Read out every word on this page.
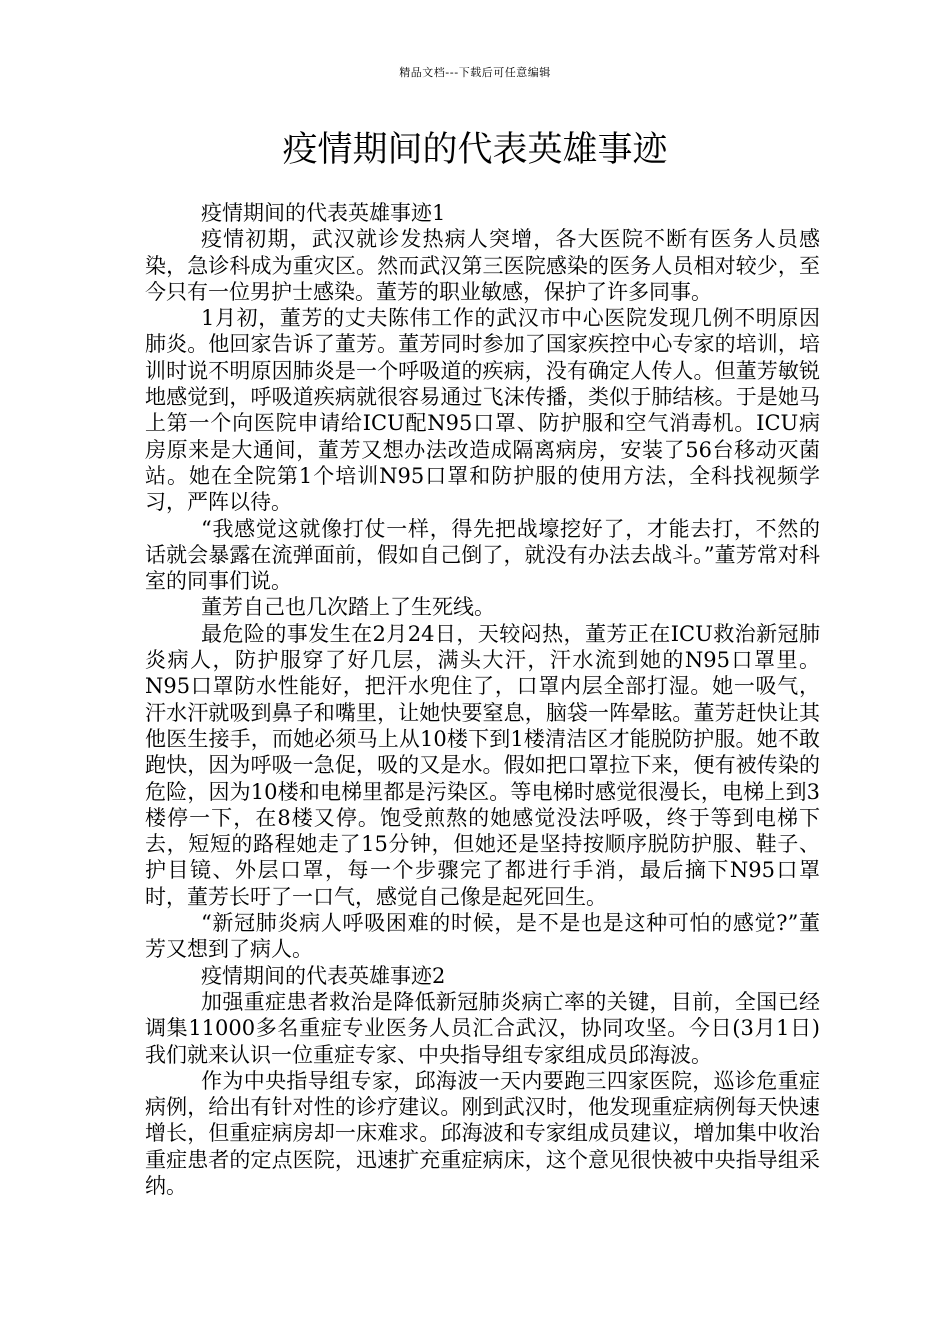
精品文档---下载后可任意编辑
疫情期间的代表英雄事迹

疫情期间的代表英雄事迹1

疫情初期，武汉就诊发热病人突增，各大医院不断有医务人员感染，急诊科成为重灾区。然而武汉第三医院感染的医务人员相对较少，至今只有一位男护士感染。董芳的职业敏感，保护了许多同事。

1月初，董芳的丈夫陈伟工作的武汉市中心医院发现几例不明原因肺炎。他回家告诉了董芳。董芳同时参加了国家疾控中心专家的培训，培训时说不明原因肺炎是一个呼吸道的疾病，没有确定人传人。但董芳敏锐地感觉到，呼吸道疾病就很容易通过飞沫传播，类似于肺结核。于是她马上第一个向医院申请给ICU配N95口罩、防护服和空气消毒机。ICU病房原来是大通间，董芳又想办法改造成隔离病房，安装了56台移动灭菌站。她在全院第1个培训N95口罩和防护服的使用方法，全科找视频学习，严阵以待。

“我感觉这就像打仗一样，得先把战壕挖好了，才能去打，不然的话就会暴露在流弹面前，假如自己倒了，就没有办法去战斗。”董芳常对科室的同事们说。

董芳自己也几次踏上了生死线。

最危险的事发生在2月24日，天较闷热，董芳正在ICU救治新冠肺炎病人，防护服穿了好几层，满头大汗，汗水流到她的N95口罩里。N95口罩防水性能好，把汗水兜住了，口罩内层全部打湿。她一吸气，汗水汗就吸到鼻子和嘴里，让她快要窒息，脑袋一阵晕眩。董芳赶快让其他医生接手，而她必须马上从10楼下到1楼清洁区才能脱防护服。她不敢跑快，因为呼吸一急促，吸的又是水。假如把口罩拉下来，便有被传染的危险，因为10楼和电梯里都是污染区。等电梯时感觉很漫长，电梯上到3楼停一下，在8楼又停。饱受煎熬的她感觉没法呼吸，终于等到电梯下去，短短的路程她走了15分钟，但她还是坚持按顺序脱防护服、鞋子、护目镜、外层口罩，每一个步骤完了都进行手消，最后摘下N95口罩时，董芳长吁了一口气，感觉自己像是起死回生。

“新冠肺炎病人呼吸困难的时候，是不是也是这种可怕的感觉?”董芳又想到了病人。

疫情期间的代表英雄事迹2

加强重症患者救治是降低新冠肺炎病亡率的关键，目前，全国已经调集11000多名重症专业医务人员汇合武汉，协同攻坚。今日(3月1日)我们就来认识一位重症专家、中央指导组专家组成员邱海波。

作为中央指导组专家，邱海波一天内要跑三四家医院，巡诊危重症病例，给出有针对性的诊疗建议。刚到武汉时，他发现重症病例每天快速增长，但重症病房却一床难求。邱海波和专家组成员建议，增加集中收治重症患者的定点医院，迅速扩充重症病床，这个意见很快被中央指导组采纳。
